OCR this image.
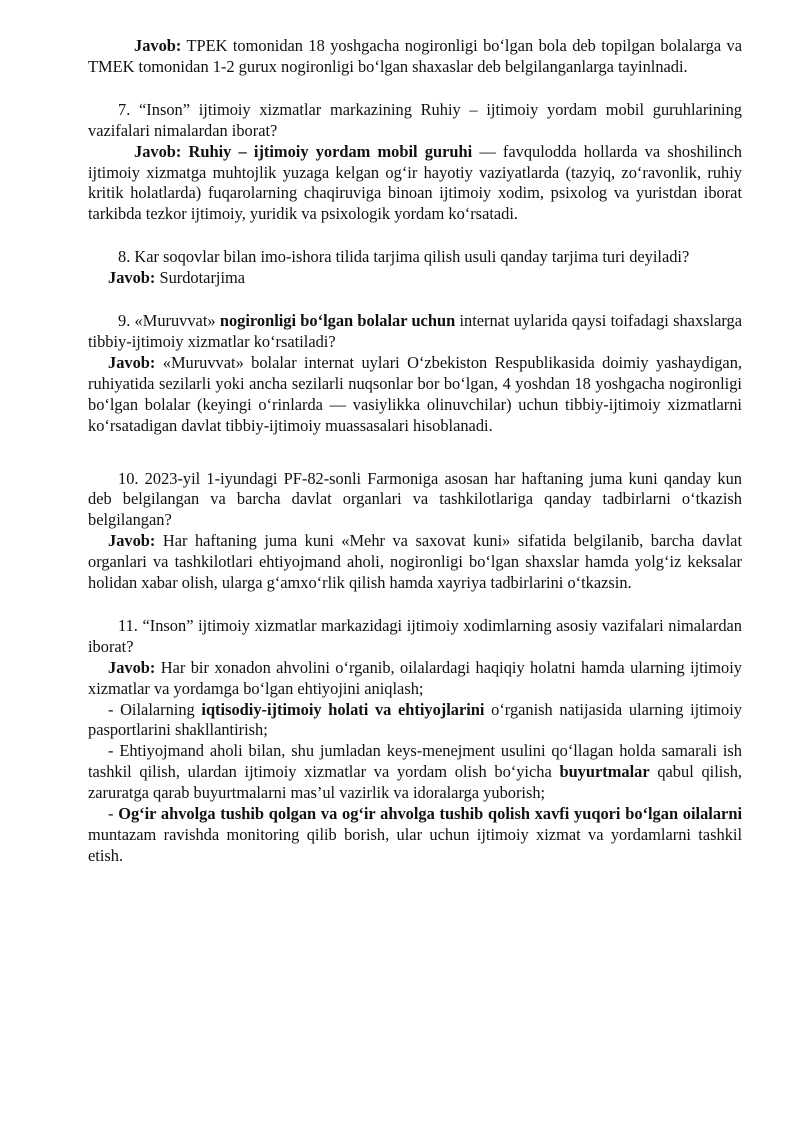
Javob: TPEK tomonidan 18 yoshgacha nogironligi bo‘lgan bola deb topilgan bolalarga va TMEK tomonidan 1-2 gurux nogironligi bo‘lgan shaxaslar deb belgilanganlarga tayinlnadi.

7. “Inson” ijtimoiy xizmatlar markazining Ruhiy – ijtimoiy yordam mobil guruhlarining vazifalari nimalardan iborat?

Javob: Ruhiy – ijtimoiy yordam mobil guruhi — favqulodda hollarda va shoshilinch ijtimoiy xizmatga muhtojlik yuzaga kelgan og‘ir hayotiy vaziyatlarda (tazyiq, zo‘ravonlik, ruhiy kritik holatlarda) fuqarolarning chaqiruviga binoan ijtimoiy xodim, psixolog va yuristdan iborat tarkibda tezkor ijtimoiy, yuridik va psixologik yordam ko‘rsatadi.

8. Kar soqovlar bilan imo-ishora tilida tarjima qilish usuli qanday tarjima turi deyiladi?

Javob: Surdotarjima

9. «Muruvvat» nogironligi bo‘lgan bolalar uchun internat uylarida qaysi toifadagi shaxslarga tibbiy-ijtimoiy xizmatlar ko‘rsatiladi?

Javob: «Muruvvat» bolalar internat uylari O‘zbekiston Respublikasida doimiy yashaydigan, ruhiyatida sezilarli yoki ancha sezilarli nuqsonlar bor bo‘lgan, 4 yoshdan 18 yoshgacha nogironligi bo‘lgan bolalar (keyingi o‘rinlarda — vasiylikka olinuvchilar) uchun tibbiy-ijtimoiy xizmatlarni ko‘rsatadigan davlat tibbiy-ijtimoiy muassasalari hisoblanadi.

10. 2023-yil 1-iyundagi PF-82-sonli Farmoniga asosan har haftaning juma kuni qanday kun deb belgilangan va barcha davlat organlari va tashkilotlariga qanday tadbirlarni o‘tkazish belgilangan?

Javob: Har haftaning juma kuni «Mehr va saxovat kuni» sifatida belgilanib, barcha davlat organlari va tashkilotlari ehtiyojmand aholi, nogironligi bo‘lgan shaxslar hamda yolg‘iz keksalar holidan xabar olish, ularga g‘amxo‘rlik qilish hamda xayriya tadbirlarini o‘tkazsin.

11. “Inson” ijtimoiy xizmatlar markazidagi ijtimoiy xodimlarning asosiy vazifalari nimalardan iborat?

Javob: Har bir xonadon ahvolini o‘rganib, oilalardagi haqiqiy holatni hamda ularning ijtimoiy xizmatlar va yordamga bo‘lgan ehtiyojini aniqlash;

- Oilalarning iqtisodiy-ijtimoiy holati va ehtiyojlarini o‘rganish natijasida ularning ijtimoiy pasportlarini shakllantirish;

- Ehtiyojmand aholi bilan, shu jumladan keys-menejment usulini qo‘llagan holda samarali ish tashkil qilish, ulardan ijtimoiy xizmatlar va yordam olish bo‘yicha buyurtmalar qabul qilish, zaruratga qarab buyurtmalarni mas’ul vazirlik va idoralarga yuborish;

- Og‘ir ahvolga tushib qolgan va og‘ir ahvolga tushib qolish xavfi yuqori bo‘lgan oilalarni muntazam ravishda monitoring qilib borish, ular uchun ijtimoiy xizmat va yordamlarni tashkil etish.
